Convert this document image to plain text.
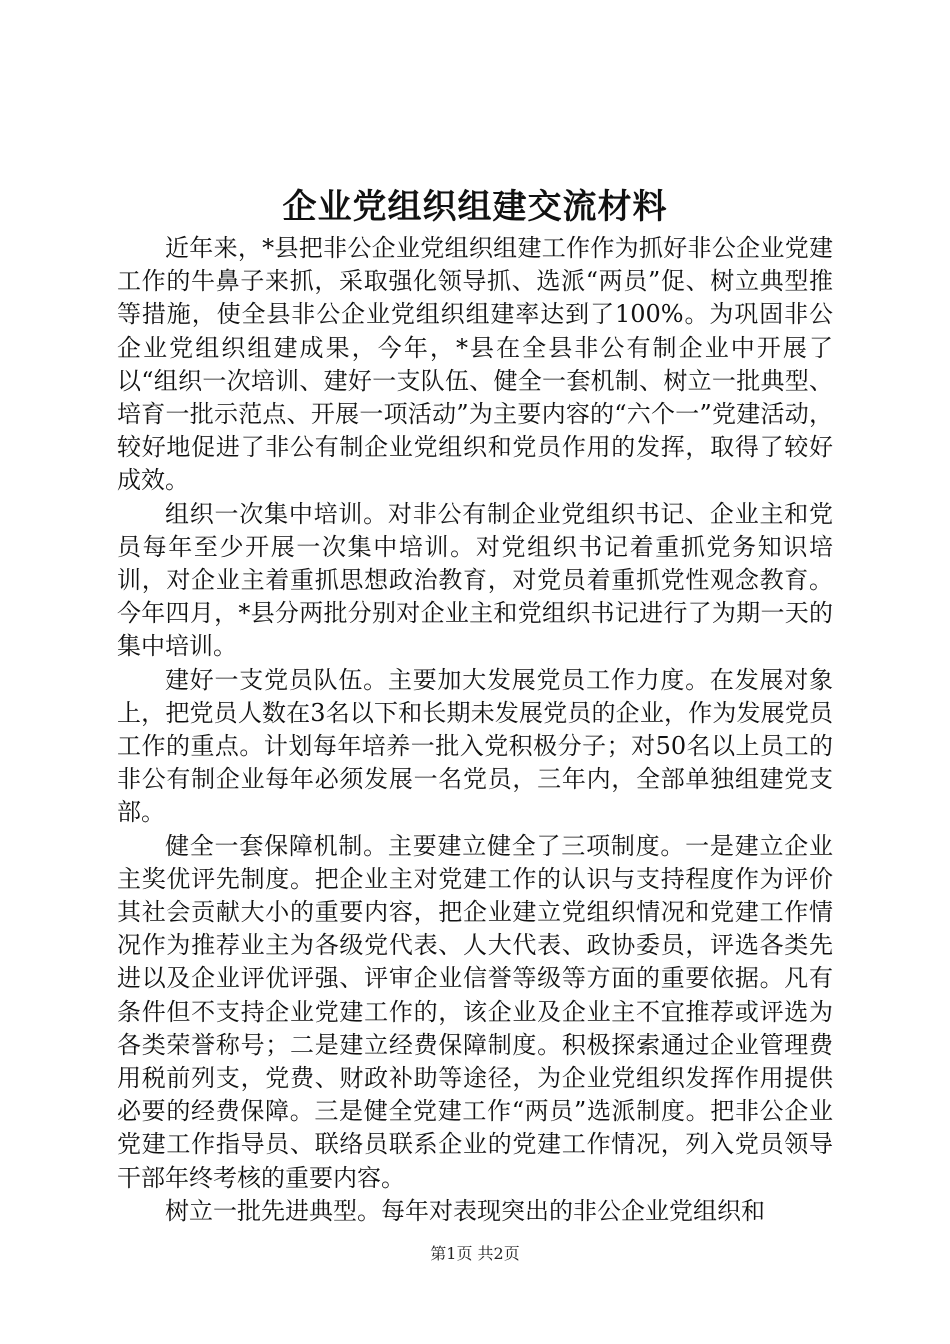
企业党组织组建交流材料

近年来，*县把非公企业党组织组建工作作为抓好非公企业党建工作的牛鼻子来抓，采取强化领导抓、选派“两员”促、树立典型推等措施，使全县非公企业党组织组建率达到了100%。为巩固非公企业党组织组建成果，今年，*县在全县非公有制企业中开展了以“组织一次培训、建好一支队伍、健全一套机制、树立一批典型、培育一批示范点、开展一项活动”为主要内容的“六个一”党建活动，较好地促进了非公有制企业党组织和党员作用的发挥，取得了较好成效。

组织一次集中培训。对非公有制企业党组织书记、企业主和党员每年至少开展一次集中培训。对党组织书记着重抓党务知识培训，对企业主着重抓思想政治教育，对党员着重抓党性观念教育。今年四月，*县分两批分别对企业主和党组织书记进行了为期一天的集中培训。

建好一支党员队伍。主要加大发展党员工作力度。在发展对象上，把党员人数在3名以下和长期未发展党员的企业，作为发展党员工作的重点。计划每年培养一批入党积极分子；对50名以上员工的非公有制企业每年必须发展一名党员，三年内，全部单独组建党支部。

健全一套保障机制。主要建立健全了三项制度。一是建立企业主奖优评先制度。把企业主对党建工作的认识与支持程度作为评价其社会贡献大小的重要内容，把企业建立党组织情况和党建工作情况作为推荐业主为各级党代表、人大代表、政协委员，评选各类先进以及企业评优评强、评审企业信誉等级等方面的重要依据。凡有条件但不支持企业党建工作的，该企业及企业主不宜推荐或评选为各类荣誉称号；二是建立经费保障制度。积极探索通过企业管理费用税前列支，党费、财政补助等途径，为企业党组织发挥作用提供必要的经费保障。三是健全党建工作“两员”选派制度。把非公企业党建工作指导员、联络员联系企业的党建工作情况，列入党员领导干部年终考核的重要内容。

树立一批先进典型。每年对表现突出的非公企业党组织和

第1页 共2页
